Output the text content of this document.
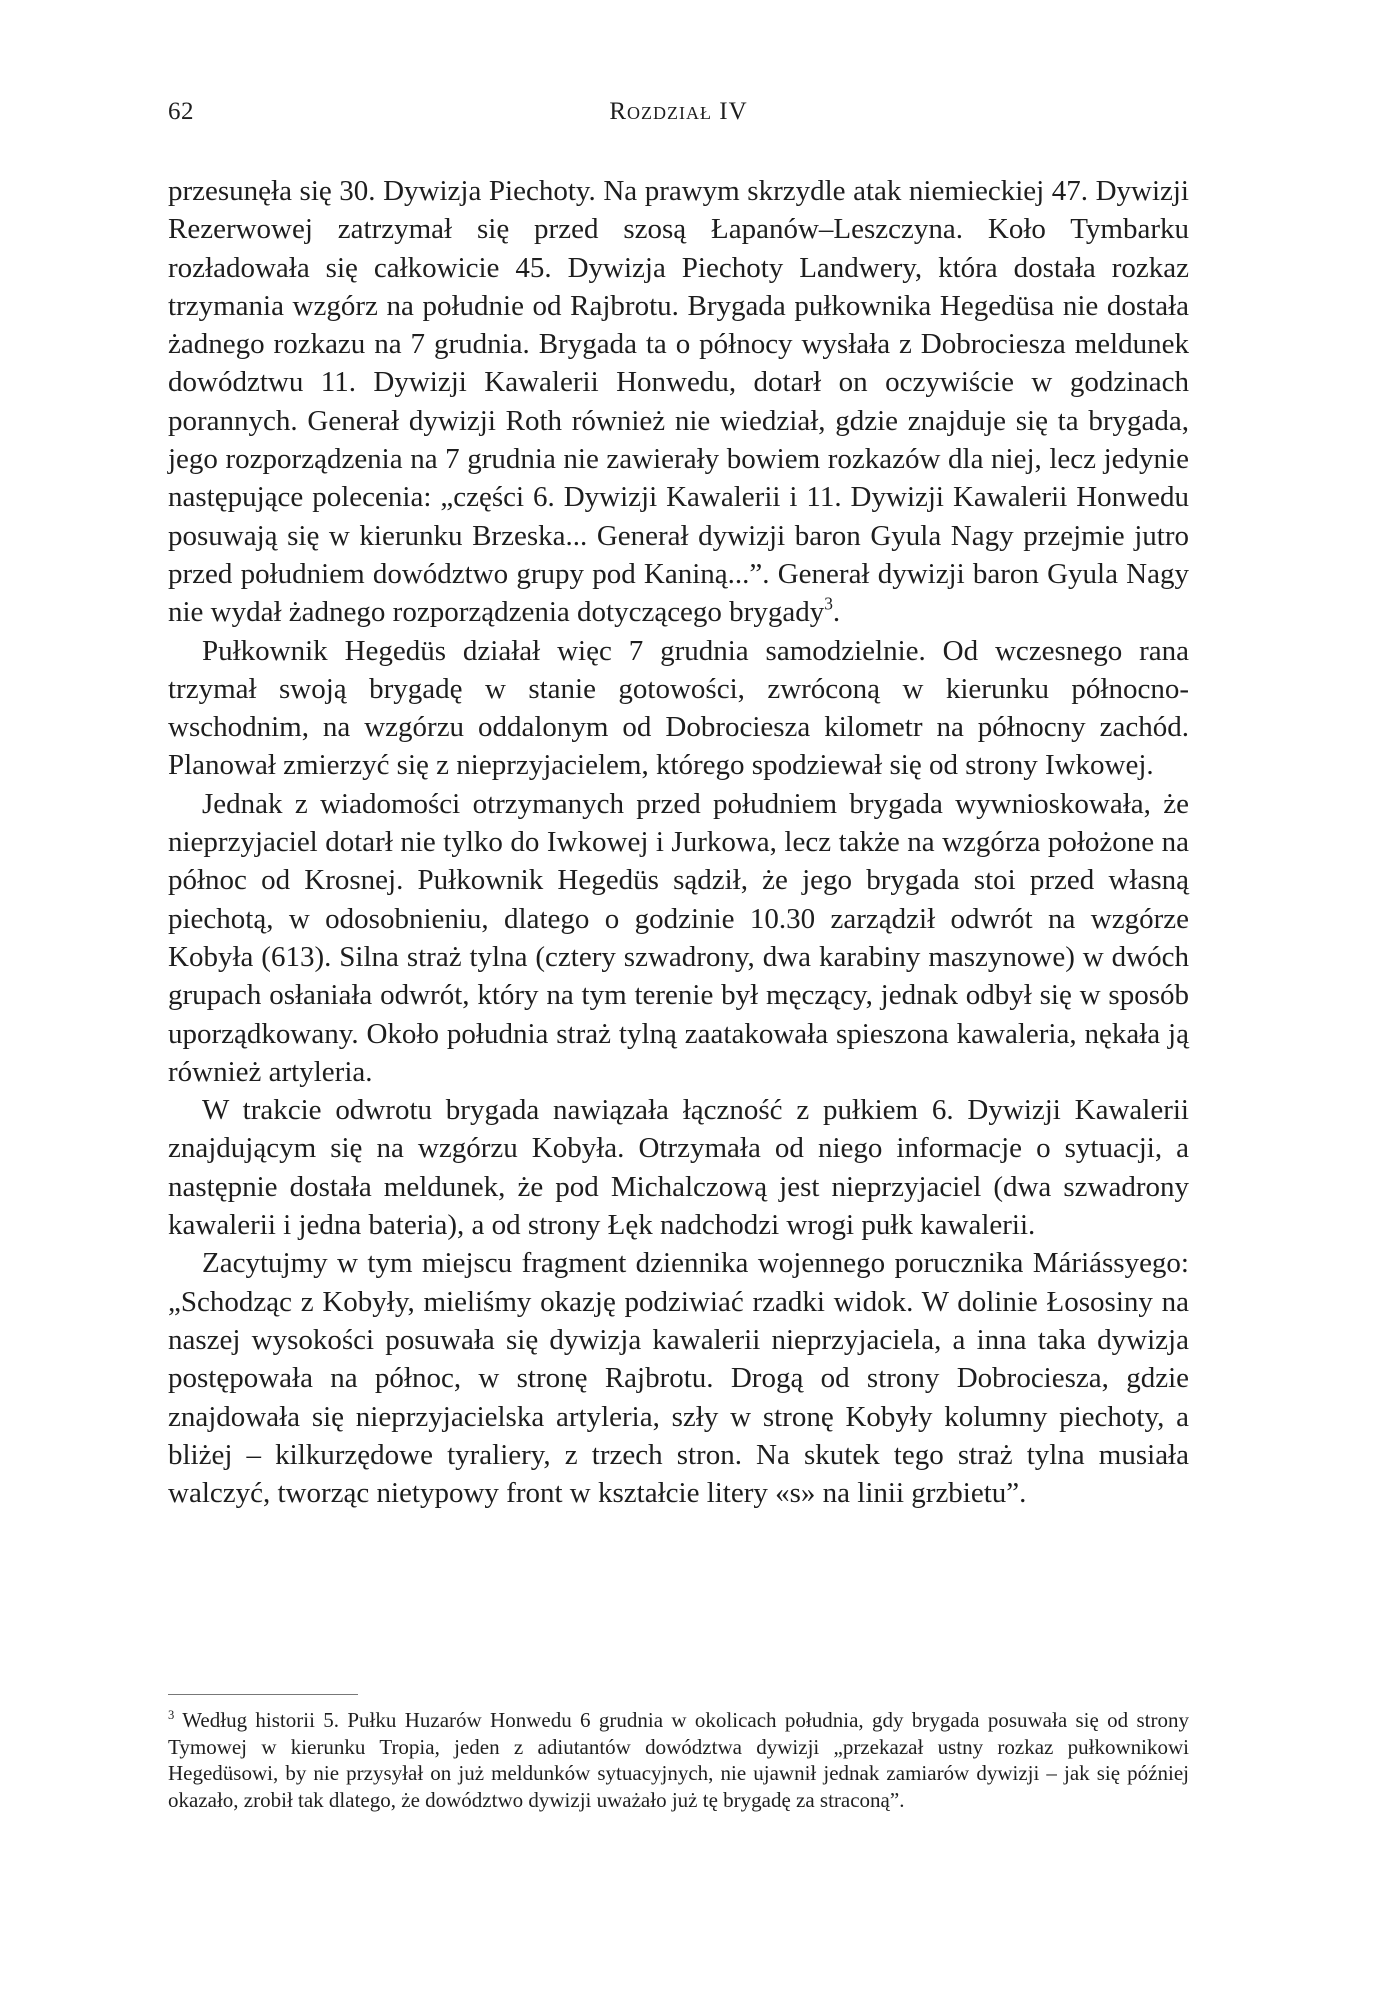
62	Rozdział IV

przesunęła się 30. Dywizja Piechoty. Na prawym skrzydle atak niemieckiej 47. Dywizji Rezerwowej zatrzymał się przed szosą Łapanów–Leszczyna. Koło Tymbarku rozładowała się całkowicie 45. Dywizja Piechoty Landwery, która dostała rozkaz trzymania wzgórz na południe od Rajbrotu. Brygada pułkownika Hegedüsa nie dostała żadnego rozkazu na 7 grudnia. Brygada ta o północy wysłała z Dobrociesza meldunek dowództwu 11. Dywizji Kawalerii Honwedu, dotarł on oczywiście w godzinach porannych. Generał dywizji Roth również nie wiedział, gdzie znajduje się ta brygada, jego rozporządzenia na 7 grudnia nie zawierały bowiem rozkazów dla niej, lecz jedynie następujące polecenia: „części 6. Dywizji Kawalerii i 11. Dywizji Kawalerii Honwedu posuwają się w kierunku Brzeska... Generał dywizji baron Gyula Nagy przejmie jutro przed południem dowództwo grupy pod Kaniną...”. Generał dywizji baron Gyula Nagy nie wydał żadnego rozporządzenia dotyczącego brygady$^3$.

Pułkownik Hegedüs działał więc 7 grudnia samodzielnie. Od wczesnego rana trzymał swoją brygadę w stanie gotowości, zwróconą w kierunku północno-wschodnim, na wzgórzu oddalonym od Dobrociesza kilometr na północny zachód. Planował zmierzyć się z nieprzyjacielem, którego spodziewał się od strony Iwkowej.

Jednak z wiadomości otrzymanych przed południem brygada wywnioskowała, że nieprzyjaciel dotarł nie tylko do Iwkowej i Jurkowa, lecz także na wzgórza położone na północ od Krosnej. Pułkownik Hegedüs sądził, że jego brygada stoi przed własną piechotą, w odosobnieniu, dlatego o godzinie 10.30 zarządził odwrót na wzgórze Kobyła (613). Silna straż tylna (cztery szwadrony, dwa karabiny maszynowe) w dwóch grupach osłaniała odwrót, który na tym terenie był męczący, jednak odbył się w sposób uporządkowany. Około południa straż tylną zaatakowała spieszona kawaleria, nękała ją również artyleria.

W trakcie odwrotu brygada nawiązała łączność z pułkiem 6. Dywizji Kawalerii znajdującym się na wzgórzu Kobyła. Otrzymała od niego informacje o sytuacji, a następnie dostała meldunek, że pod Michalczową jest nieprzyjaciel (dwa szwadrony kawalerii i jedna bateria), a od strony Łęk nadchodzi wrogi pułk kawalerii.

Zacytujmy w tym miejscu fragment dziennika wojennego porucznika Máriássyego: „Schodząc z Kobyły, mieliśmy okazję podziwiać rzadki widok. W dolinie Łososiny na naszej wysokości posuwała się dywizja kawalerii nieprzyjaciela, a inna taka dywizja postępowała na północ, w stronę Rajbrotu. Drogą od strony Dobrociesza, gdzie znajdowała się nieprzyjacielska artyleria, szły w stronę Kobyły kolumny piechoty, a bliżej – kilkurzędowe tyraliery, z trzech stron. Na skutek tego straż tylna musiała walczyć, tworząc nietypowy front w kształcie litery «s» na linii grzbietu”.

$^3$ Według historii 5. Pułku Huzarów Honwedu 6 grudnia w okolicach południa, gdy brygada posuwała się od strony Tymowej w kierunku Tropia, jeden z adiutantów dowództwa dywizji „przekazał ustny rozkaz pułkownikowi Hegedüsowi, by nie przysyłał on już meldunków sytuacyjnych, nie ujawnił jednak zamiarów dywizji – jak się później okazało, zrobił tak dlatego, że dowództwo dywizji uważało już tę brygadę za straconą”.
